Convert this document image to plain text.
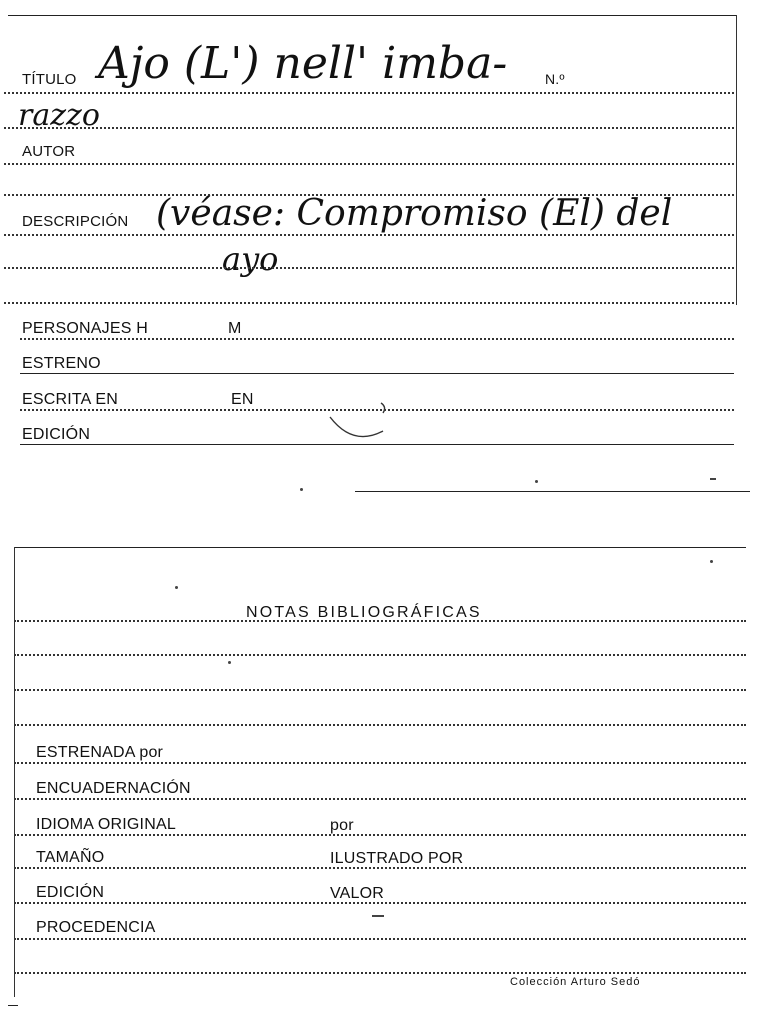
TÍTULO Ajo (L') nell' imba-	N.º
razzo
AUTOR
DESCRIPCIÓN (véase: Compromiso (El) del
ayo
PERSONAJES H	M
ESTRENO
ESCRITA EN	EN
EDICIÓN
NOTAS BIBLIOGRÁFICAS
ESTRENADA por
ENCUADERNACIÓN
IDIOMA ORIGINAL	por
TAMAÑO	ILUSTRADO POR
EDICIÓN	VALOR
PROCEDENCIA
Colección Arturo Sedó
